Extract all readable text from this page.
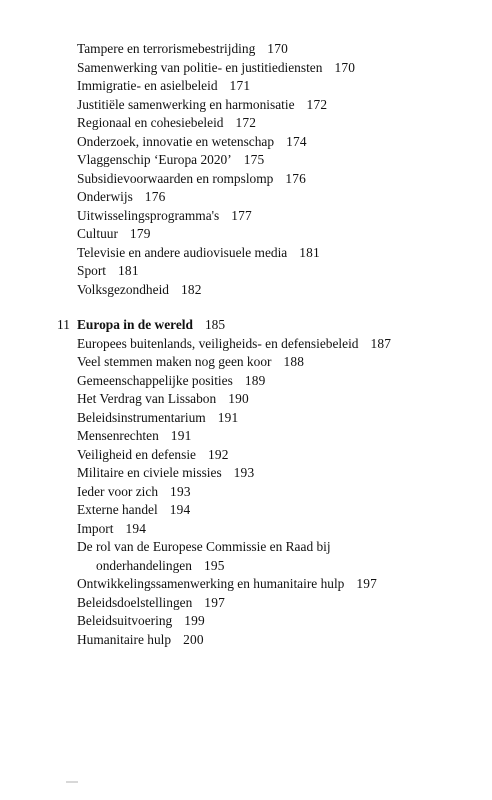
Tampere en terrorismebestrijding 170
Samenwerking van politie- en justitiediensten 170
Immigratie- en asielbeleid 171
Justitiële samenwerking en harmonisatie 172
Regionaal en cohesiebeleid 172
Onderzoek, innovatie en wetenschap 174
Vlaggenschip ‘Europa 2020’ 175
Subsidievoorwaarden en rompslomp 176
Onderwijs 176
Uitwisselingsprogramma's 177
Cultuur 179
Televisie en andere audiovisuele media 181
Sport 181
Volksgezondheid 182
11 Europa in de wereld 185
Europees buitenlands, veiligheids- en defensiebeleid 187
Veel stemmen maken nog geen koor 188
Gemeenschappelijke posities 189
Het Verdrag van Lissabon 190
Beleidsinstrumentarium 191
Mensenrechten 191
Veiligheid en defensie 192
Militaire en civiele missies 193
Ieder voor zich 193
Externe handel 194
Import 194
De rol van de Europese Commissie en Raad bij
onderhandelingen 195
Ontwikkelingssamenwerking en humanitaire hulp 197
Beleidsdoelstellingen 197
Beleidsuitvoering 199
Humanitaire hulp 200
